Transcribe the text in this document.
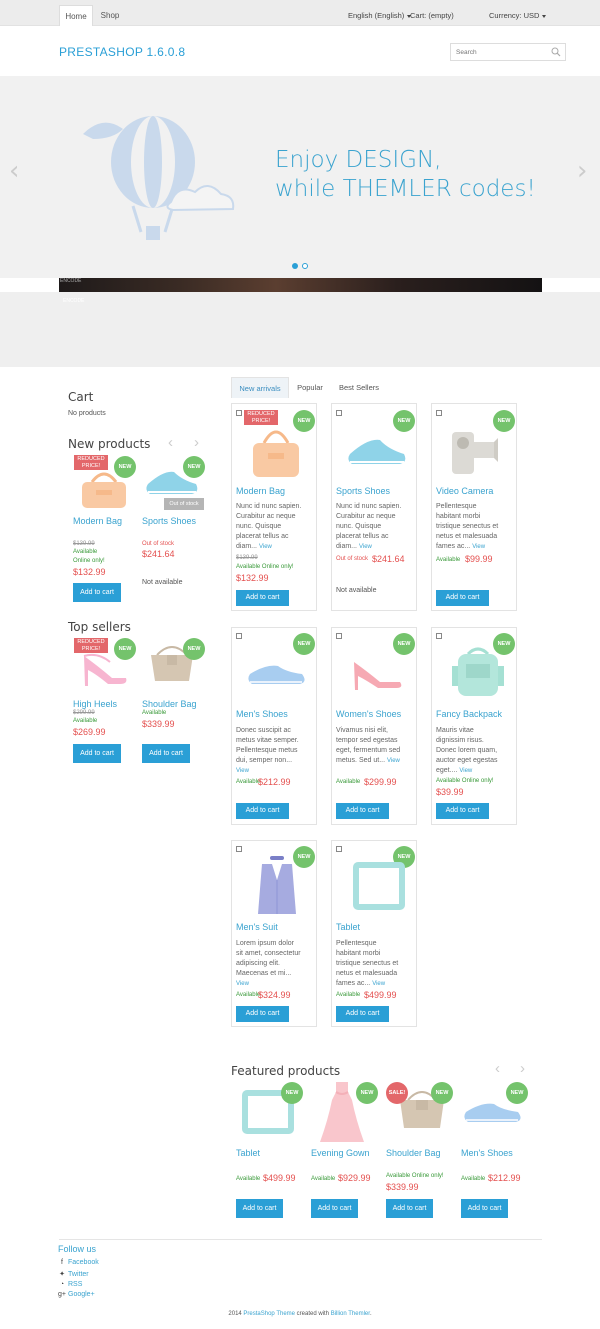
Home	Shop	English (English) Cart: (empty)	Currency: USD
PRESTASHOP 1.6.0.8
Search
‹	›
Enjoy DESIGN,
while THEMLER codes!
ENCODE
ENCODE
Cart
No products
New products ‹ ›
REDUCED PRICE!	NEW
Modern Bag
$139.99
Available
Online only!
$132.99
Add to cart
NEW
Out of stock
Sports Shoes
Out of stock
$241.64
Not available
Top sellers
REDUCED PRICE!	NEW
High Heels
$299.99
Available
$269.99
Add to cart
NEW
Shoulder Bag
Available
$339.99
Add to cart
New arrivals	Popular	Best Sellers
REDUCED PRICE!	NEW
Modern Bag
Nunc id nunc sapien.
Curabitur ac neque
nunc. Quisque
placerat tellus ac
diam... View
$139.99
Available Online only!
$132.99
Add to cart
NEW
Sports Shoes
Nunc id nunc sapien.
Curabitur ac neque
nunc. Quisque
placerat tellus ac
diam... View
Out of stock $241.64
Not available
NEW
Video Camera
Pellentesque
habitant morbi
tristique senectus et
netus et malesuada
fames ac... View
Available $99.99
Add to cart
NEW
Men's Shoes
Donec suscipit ac
metus vitae semper.
Pellentesque metus
dui, semper non...
View
Available
$212.99
Add to cart
NEW
Women's Shoes
Vivamus nisi elit,
tempor sed egestas
eget, fermentum sed
metus. Sed ut... View
Available $299.99
Add to cart
NEW
Fancy Backpack
Mauris vitae
dignissim risus.
Donec lorem quam,
auctor eget egestas
eget.... View
Available Online only!
$39.99
Add to cart
NEW
Men's Suit
Lorem ipsum dolor
sit amet, consectetur
adipiscing elit.
Maecenas et mi...
View
Available
$324.99
Add to cart
NEW
Tablet
Pellentesque
habitant morbi
tristique senectus et
netus et malesuada
fames ac... View
Available $499.99
Add to cart
Featured products	‹ ›
NEW
Tablet
Available $499.99
Add to cart
NEW
Evening Gown
Available $929.99
Add to cart
SALE!	NEW
Shoulder Bag
Available Online only!
$339.99
Add to cart
NEW
Men's Shoes
Available $212.99
Add to cart
Follow us
f Facebook
✦ Twitter
◔ RSS
g+ Google+
2014 PrestaShop Theme created with Billion Themler.
